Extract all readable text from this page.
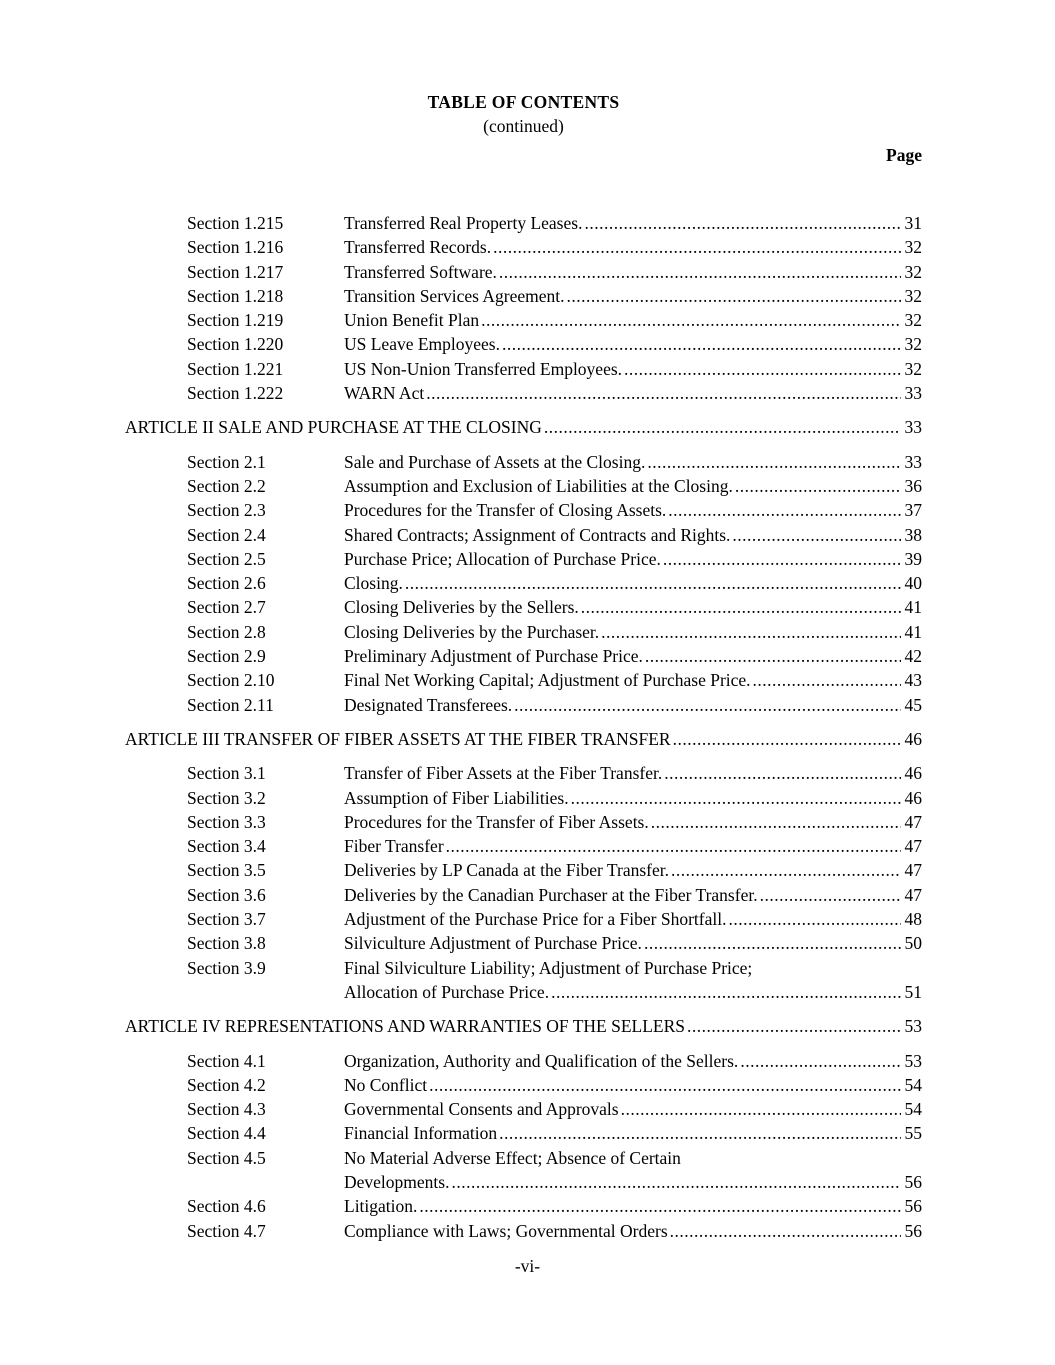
TABLE OF CONTENTS
(continued)
Page
Section 1.215	Transferred Real Property Leases. .....	31
Section 1.216	Transferred Records. .....	32
Section 1.217	Transferred Software. .....	32
Section 1.218	Transition Services Agreement. .....	32
Section 1.219	Union Benefit Plan .....	32
Section 1.220	US Leave Employees. .....	32
Section 1.221	US Non-Union Transferred Employees. .....	32
Section 1.222	WARN Act .....	33
ARTICLE II SALE AND PURCHASE AT THE CLOSING .....	33
Section 2.1	Sale and Purchase of Assets at the Closing. .....	33
Section 2.2	Assumption and Exclusion of Liabilities at the Closing. .....	36
Section 2.3	Procedures for the Transfer of Closing Assets. .....	37
Section 2.4	Shared Contracts; Assignment of Contracts and Rights. .....	38
Section 2.5	Purchase Price; Allocation of Purchase Price. .....	39
Section 2.6	Closing. .....	40
Section 2.7	Closing Deliveries by the Sellers. .....	41
Section 2.8	Closing Deliveries by the Purchaser. .....	41
Section 2.9	Preliminary Adjustment of Purchase Price. .....	42
Section 2.10	Final Net Working Capital; Adjustment of Purchase Price. .....	43
Section 2.11	Designated Transferees. .....	45
ARTICLE III TRANSFER OF FIBER ASSETS AT THE FIBER TRANSFER .....	46
Section 3.1	Transfer of Fiber Assets at the Fiber Transfer. .....	46
Section 3.2	Assumption of Fiber Liabilities. .....	46
Section 3.3	Procedures for the Transfer of Fiber Assets. .....	47
Section 3.4	Fiber Transfer .....	47
Section 3.5	Deliveries by LP Canada at the Fiber Transfer. .....	47
Section 3.6	Deliveries by the Canadian Purchaser at the Fiber Transfer. .....	47
Section 3.7	Adjustment of the Purchase Price for a Fiber Shortfall. .....	48
Section 3.8	Silviculture Adjustment of Purchase Price. .....	50
Section 3.9	Final Silviculture Liability; Adjustment of Purchase Price;
Allocation of Purchase Price. .....	51
ARTICLE IV REPRESENTATIONS AND WARRANTIES OF THE SELLERS .....	53
Section 4.1	Organization, Authority and Qualification of the Sellers. .....	53
Section 4.2	No Conflict .....	54
Section 4.3	Governmental Consents and Approvals .....	54
Section 4.4	Financial Information .....	55
Section 4.5	No Material Adverse Effect; Absence of Certain
Developments. .....	56
Section 4.6	Litigation. .....	56
Section 4.7	Compliance with Laws; Governmental Orders .....	56
-vi-
